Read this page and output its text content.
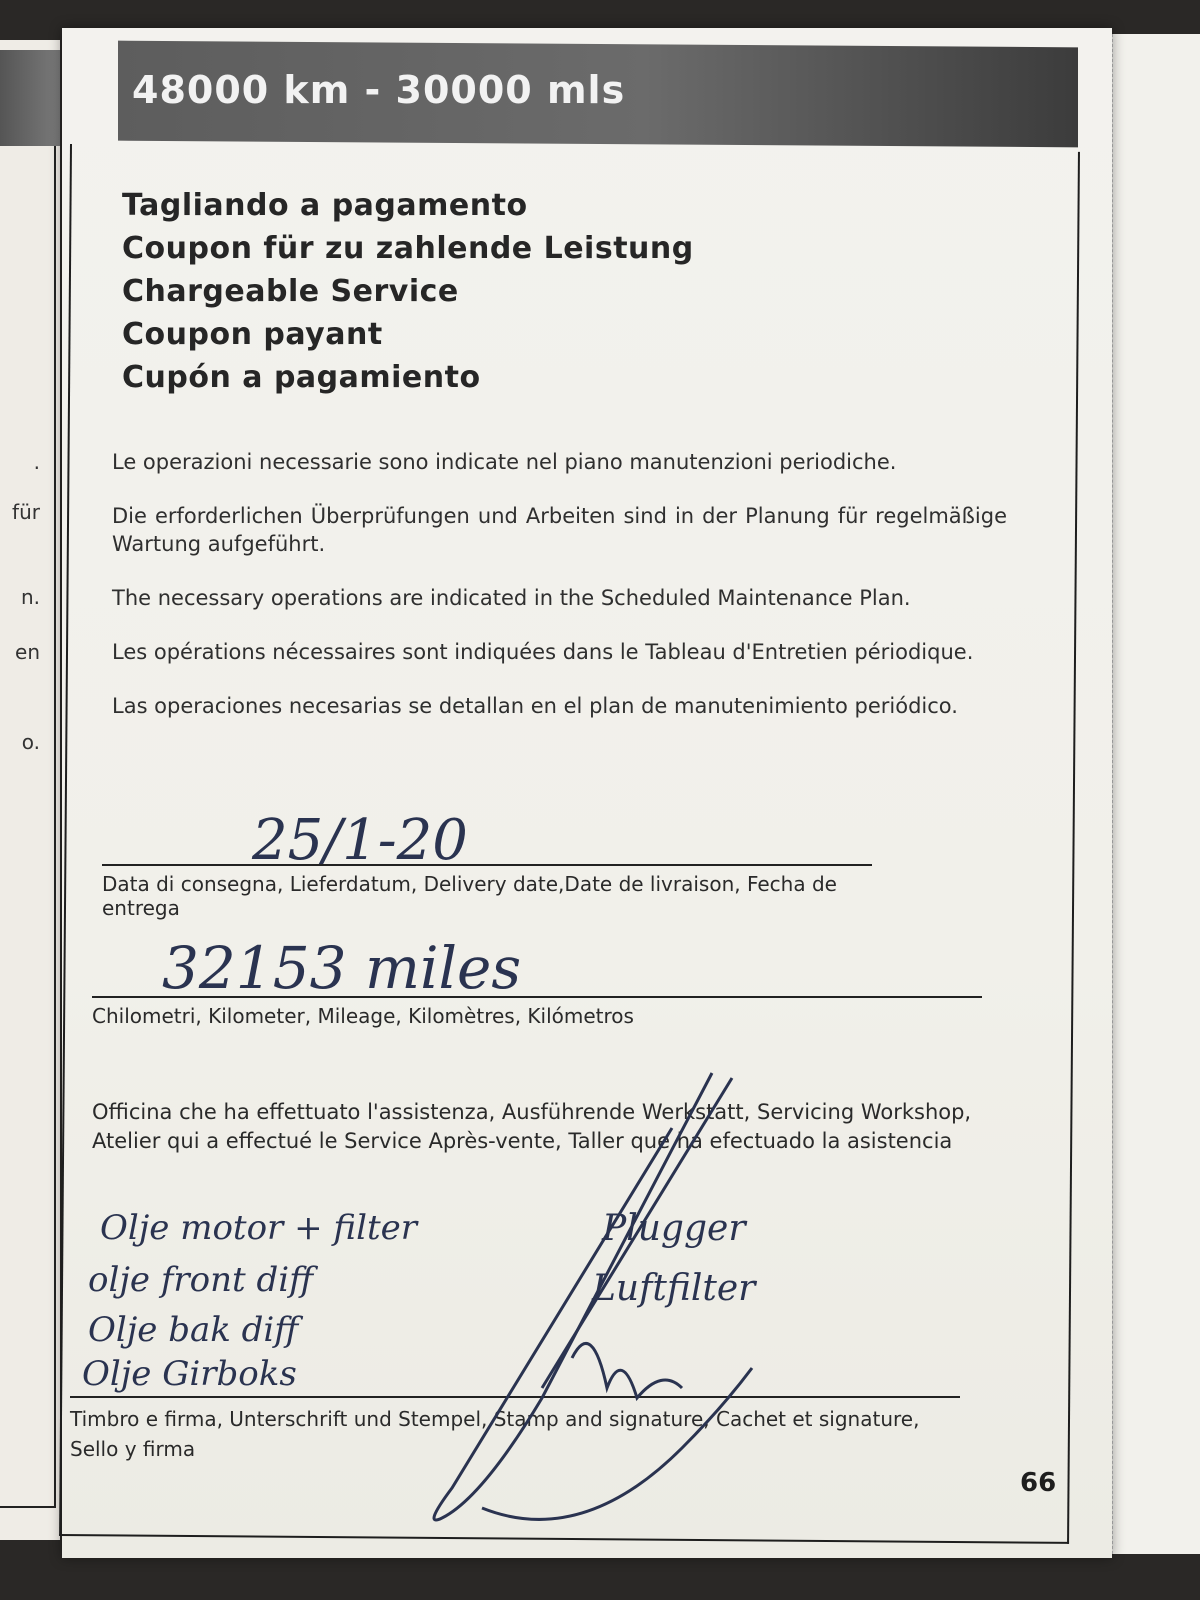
.
für
n.
en
o.
48000 km - 30000 mls
Tagliando a pagamento
Coupon für zu zahlende Leistung
Chargeable Service
Coupon payant
Cupón a pagamiento

Le operazioni necessarie sono indicate nel piano manutenzioni periodiche.

Die erforderlichen Überprüfungen und Arbeiten sind in der Planung für regelmäßige Wartung aufgeführt.

The necessary operations are indicated in the Scheduled Maintenance Plan.

Les opérations nécessaires sont indiquées dans le Tableau d'Entretien périodique.

Las operaciones necesarias se detallan en el plan de manutenimiento periódico.

25/1-20
Data di consegna, Lieferdatum, Delivery date,Date de livraison, Fecha de entrega
32153 miles
Chilometri, Kilometer, Mileage, Kilomètres, Kilómetros
Officina che ha effettuato l'assistenza, Ausführende Werkstatt, Servicing Workshop, Atelier qui a effectué le Service Après-vente, Taller que ha efectuado la asistencia
Olje motor + filter
olje front diff
Olje bak diff
Olje Girboks
Plugger
Luftfilter
Timbro e firma, Unterschrift und Stempel, Stamp and signature, Cachet et signature, Sello y firma
66
